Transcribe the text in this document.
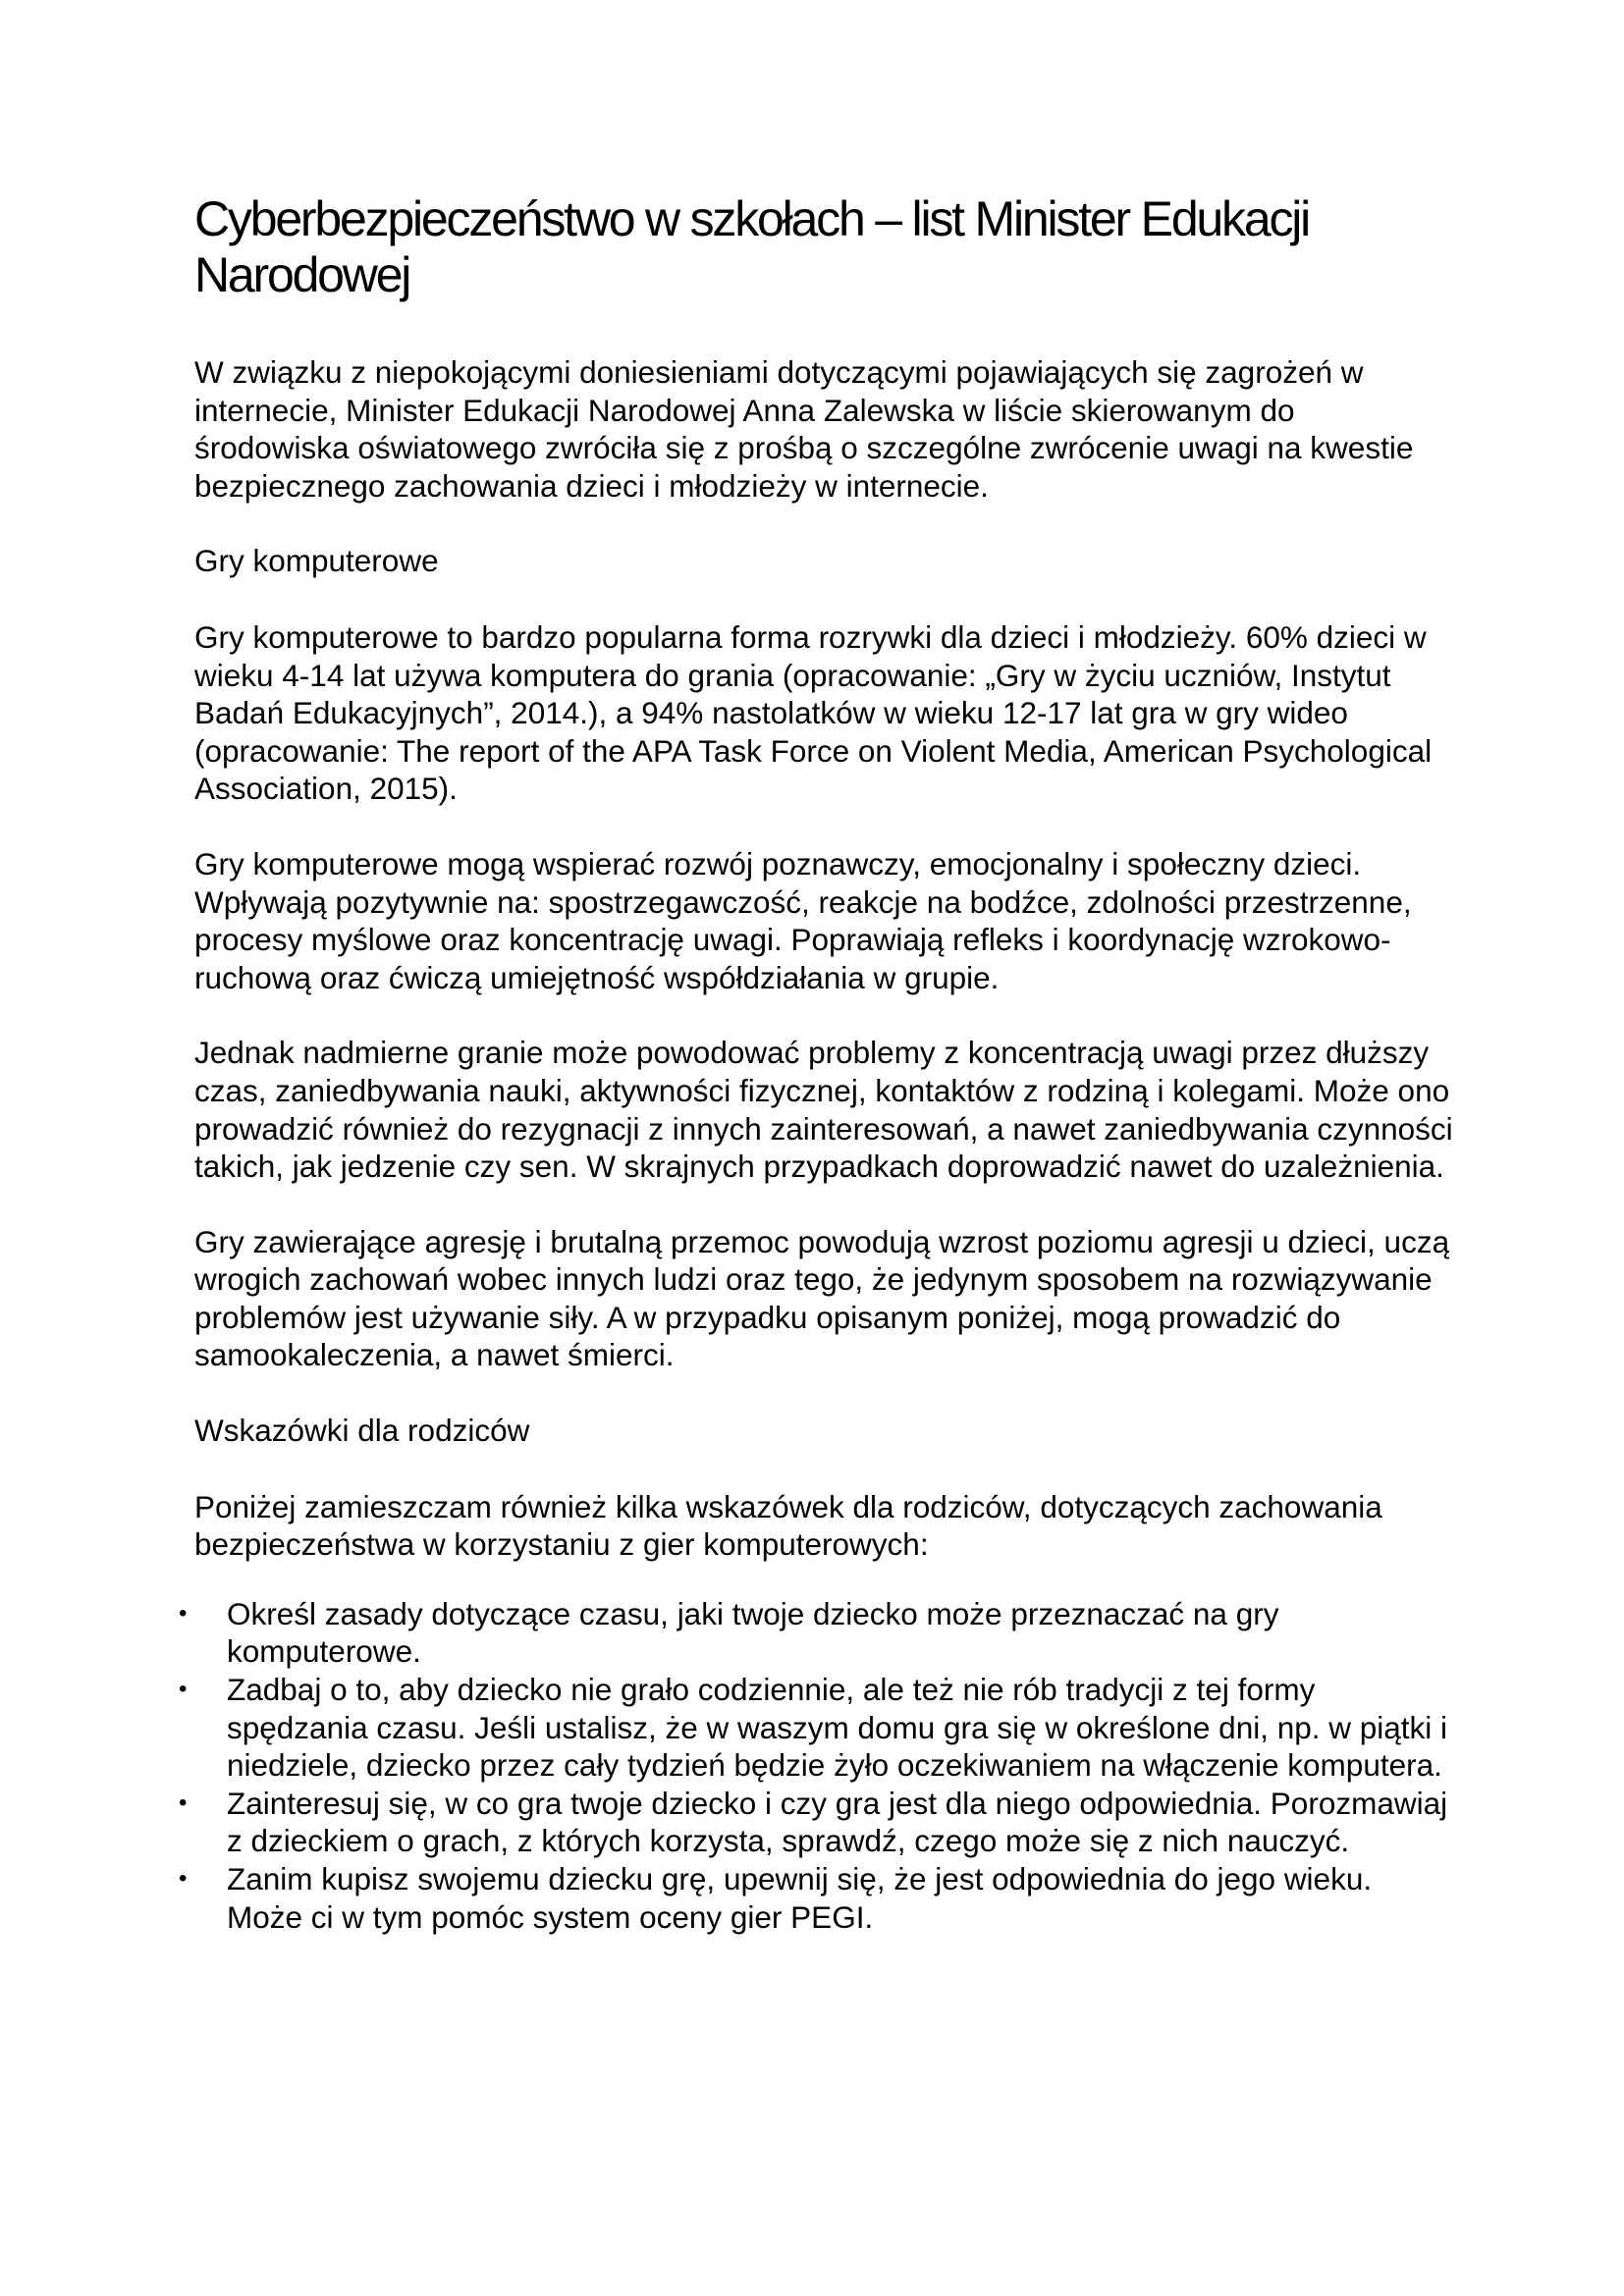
Cyberbezpieczeństwo w szkołach – list Minister Edukacji Narodowej

W związku z niepokojącymi doniesieniami dotyczącymi pojawiających się zagrożeń w internecie, Minister Edukacji Narodowej Anna Zalewska w liście skierowanym do środowiska oświatowego zwróciła się z prośbą o szczególne zwrócenie uwagi na kwestie bezpiecznego zachowania dzieci i młodzieży w internecie.

Gry komputerowe

Gry komputerowe to bardzo popularna forma rozrywki dla dzieci i młodzieży. 60% dzieci w wieku 4-14 lat używa komputera do grania (opracowanie: „Gry w życiu uczniów, Instytut Badań Edukacyjnych”, 2014.), a 94% nastolatków w wieku 12-17 lat gra w gry wideo (opracowanie: The report of the APA Task Force on Violent Media, American Psychological Association, 2015).

Gry komputerowe mogą wspierać rozwój poznawczy, emocjonalny i społeczny dzieci. Wpływają pozytywnie na: spostrzegawczość, reakcje na bodźce, zdolności przestrzenne, procesy myślowe oraz koncentrację uwagi. Poprawiają refleks i koordynację wzrokowo-ruchową oraz ćwiczą umiejętność współdziałania w grupie.

Jednak nadmierne granie może powodować problemy z koncentracją uwagi przez dłuższy czas, zaniedbywania nauki, aktywności fizycznej, kontaktów z rodziną i kolegami. Może ono prowadzić również do rezygnacji z innych zainteresowań, a nawet zaniedbywania czynności takich, jak jedzenie czy sen. W skrajnych przypadkach doprowadzić nawet do uzależnienia.

Gry zawierające agresję i brutalną przemoc powodują wzrost poziomu agresji u dzieci, uczą wrogich zachowań wobec innych ludzi oraz tego, że jedynym sposobem na rozwiązywanie problemów jest używanie siły. A w przypadku opisanym poniżej, mogą prowadzić do samookaleczenia, a nawet śmierci.

Wskazówki dla rodziców

Poniżej zamieszczam również kilka wskazówek dla rodziców, dotyczących zachowania bezpieczeństwa w korzystaniu z gier komputerowych:

• Określ zasady dotyczące czasu, jaki twoje dziecko może przeznaczać na gry komputerowe.
• Zadbaj o to, aby dziecko nie grało codziennie, ale też nie rób tradycji z tej formy spędzania czasu. Jeśli ustalisz, że w waszym domu gra się w określone dni, np. w piątki i niedziele, dziecko przez cały tydzień będzie żyło oczekiwaniem na włączenie komputera.
• Zainteresuj się, w co gra twoje dziecko i czy gra jest dla niego odpowiednia. Porozmawiaj z dzieckiem o grach, z których korzysta, sprawdź, czego może się z nich nauczyć.
• Zanim kupisz swojemu dziecku grę, upewnij się, że jest odpowiednia do jego wieku. Może ci w tym pomóc system oceny gier PEGI.
